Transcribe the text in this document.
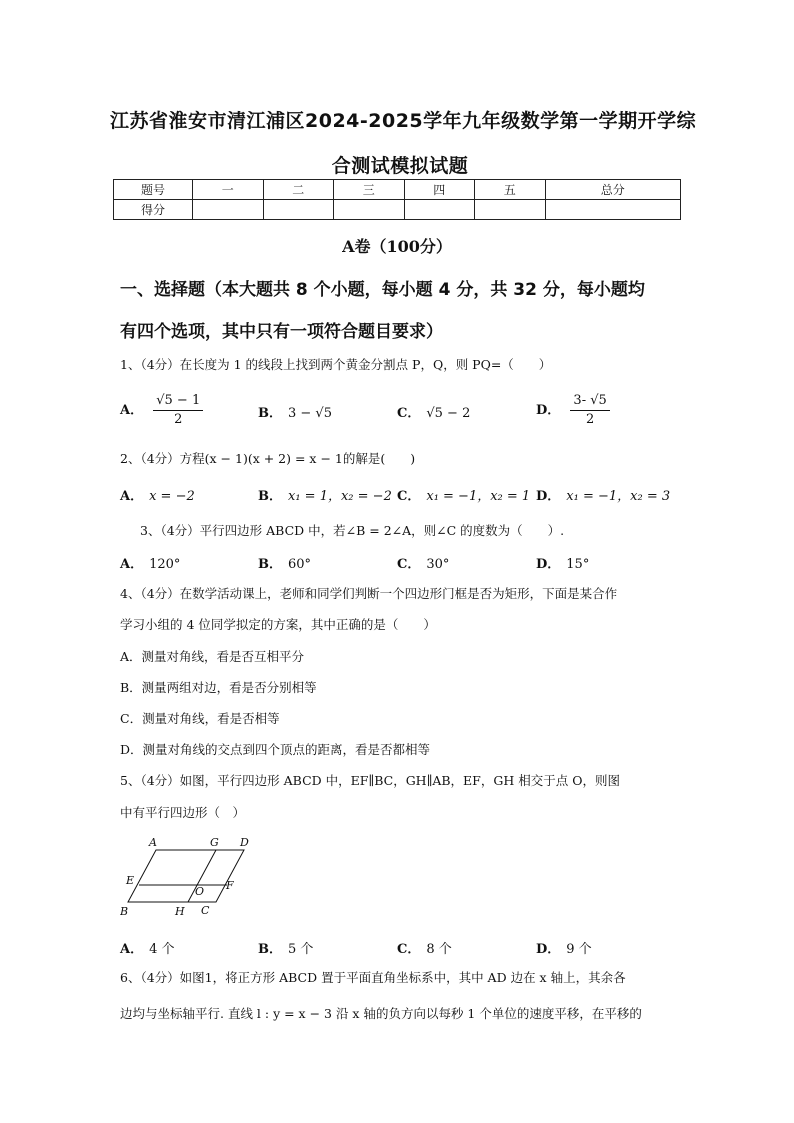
江苏省淮安市清江浦区2024-2025学年九年级数学第一学期开学综
合测试模拟试题
题号	一	二	三	四	五	总分
得分						
A卷（100分）
一、选择题（本大题共 8 个小题，每小题 4 分，共 32 分，每小题均
有四个选项，其中只有一项符合题目要求）
1、（4分）在长度为 1 的线段上找到两个黄金分割点 P，Q，则 PQ=（　　）
A． $\frac{√5 - 1}{2}$	B． 3 − √5	C． √5 − 2	D． $\frac{3- √5}{2}$
2、（4分）方程(x − 1)(x + 2) = x − 1的解是(　　)
A． x = −2	B． x₁ = 1，x₂ = −2 C． x₁ = −1，x₂ = 1 D． x₁ = −1，x₂ = 3
3、（4分）平行四边形 ABCD 中，若∠B = 2∠A，则∠C 的度数为（　　）.
A． 120°	B． 60°	C． 30°	D． 15°
4、（4分）在数学活动课上，老师和同学们判断一个四边形门框是否为矩形，下面是某合作
学习小组的 4 位同学拟定的方案，其中正确的是（　　）
A．测量对角线，看是否互相平分
B．测量两组对边，看是否分别相等
C．测量对角线，看是否相等
D．测量对角线的交点到四个顶点的距离，看是否都相等
5、（4分）如图，平行四边形 ABCD 中，EF∥BC，GH∥AB，EF，GH 相交于点 O，则图
中有平行四边形（　）
A	G D
E
O F
B	H C
A． 4 个	B． 5 个	C． 8 个	D． 9 个
6、（4分）如图1，将正方形 ABCD 置于平面直角坐标系中，其中 AD 边在 x 轴上，其余各
边均与坐标轴平行. 直线 l : y = x − 3 沿 x 轴的负方向以每秒 1 个单位的速度平移，在平移的
